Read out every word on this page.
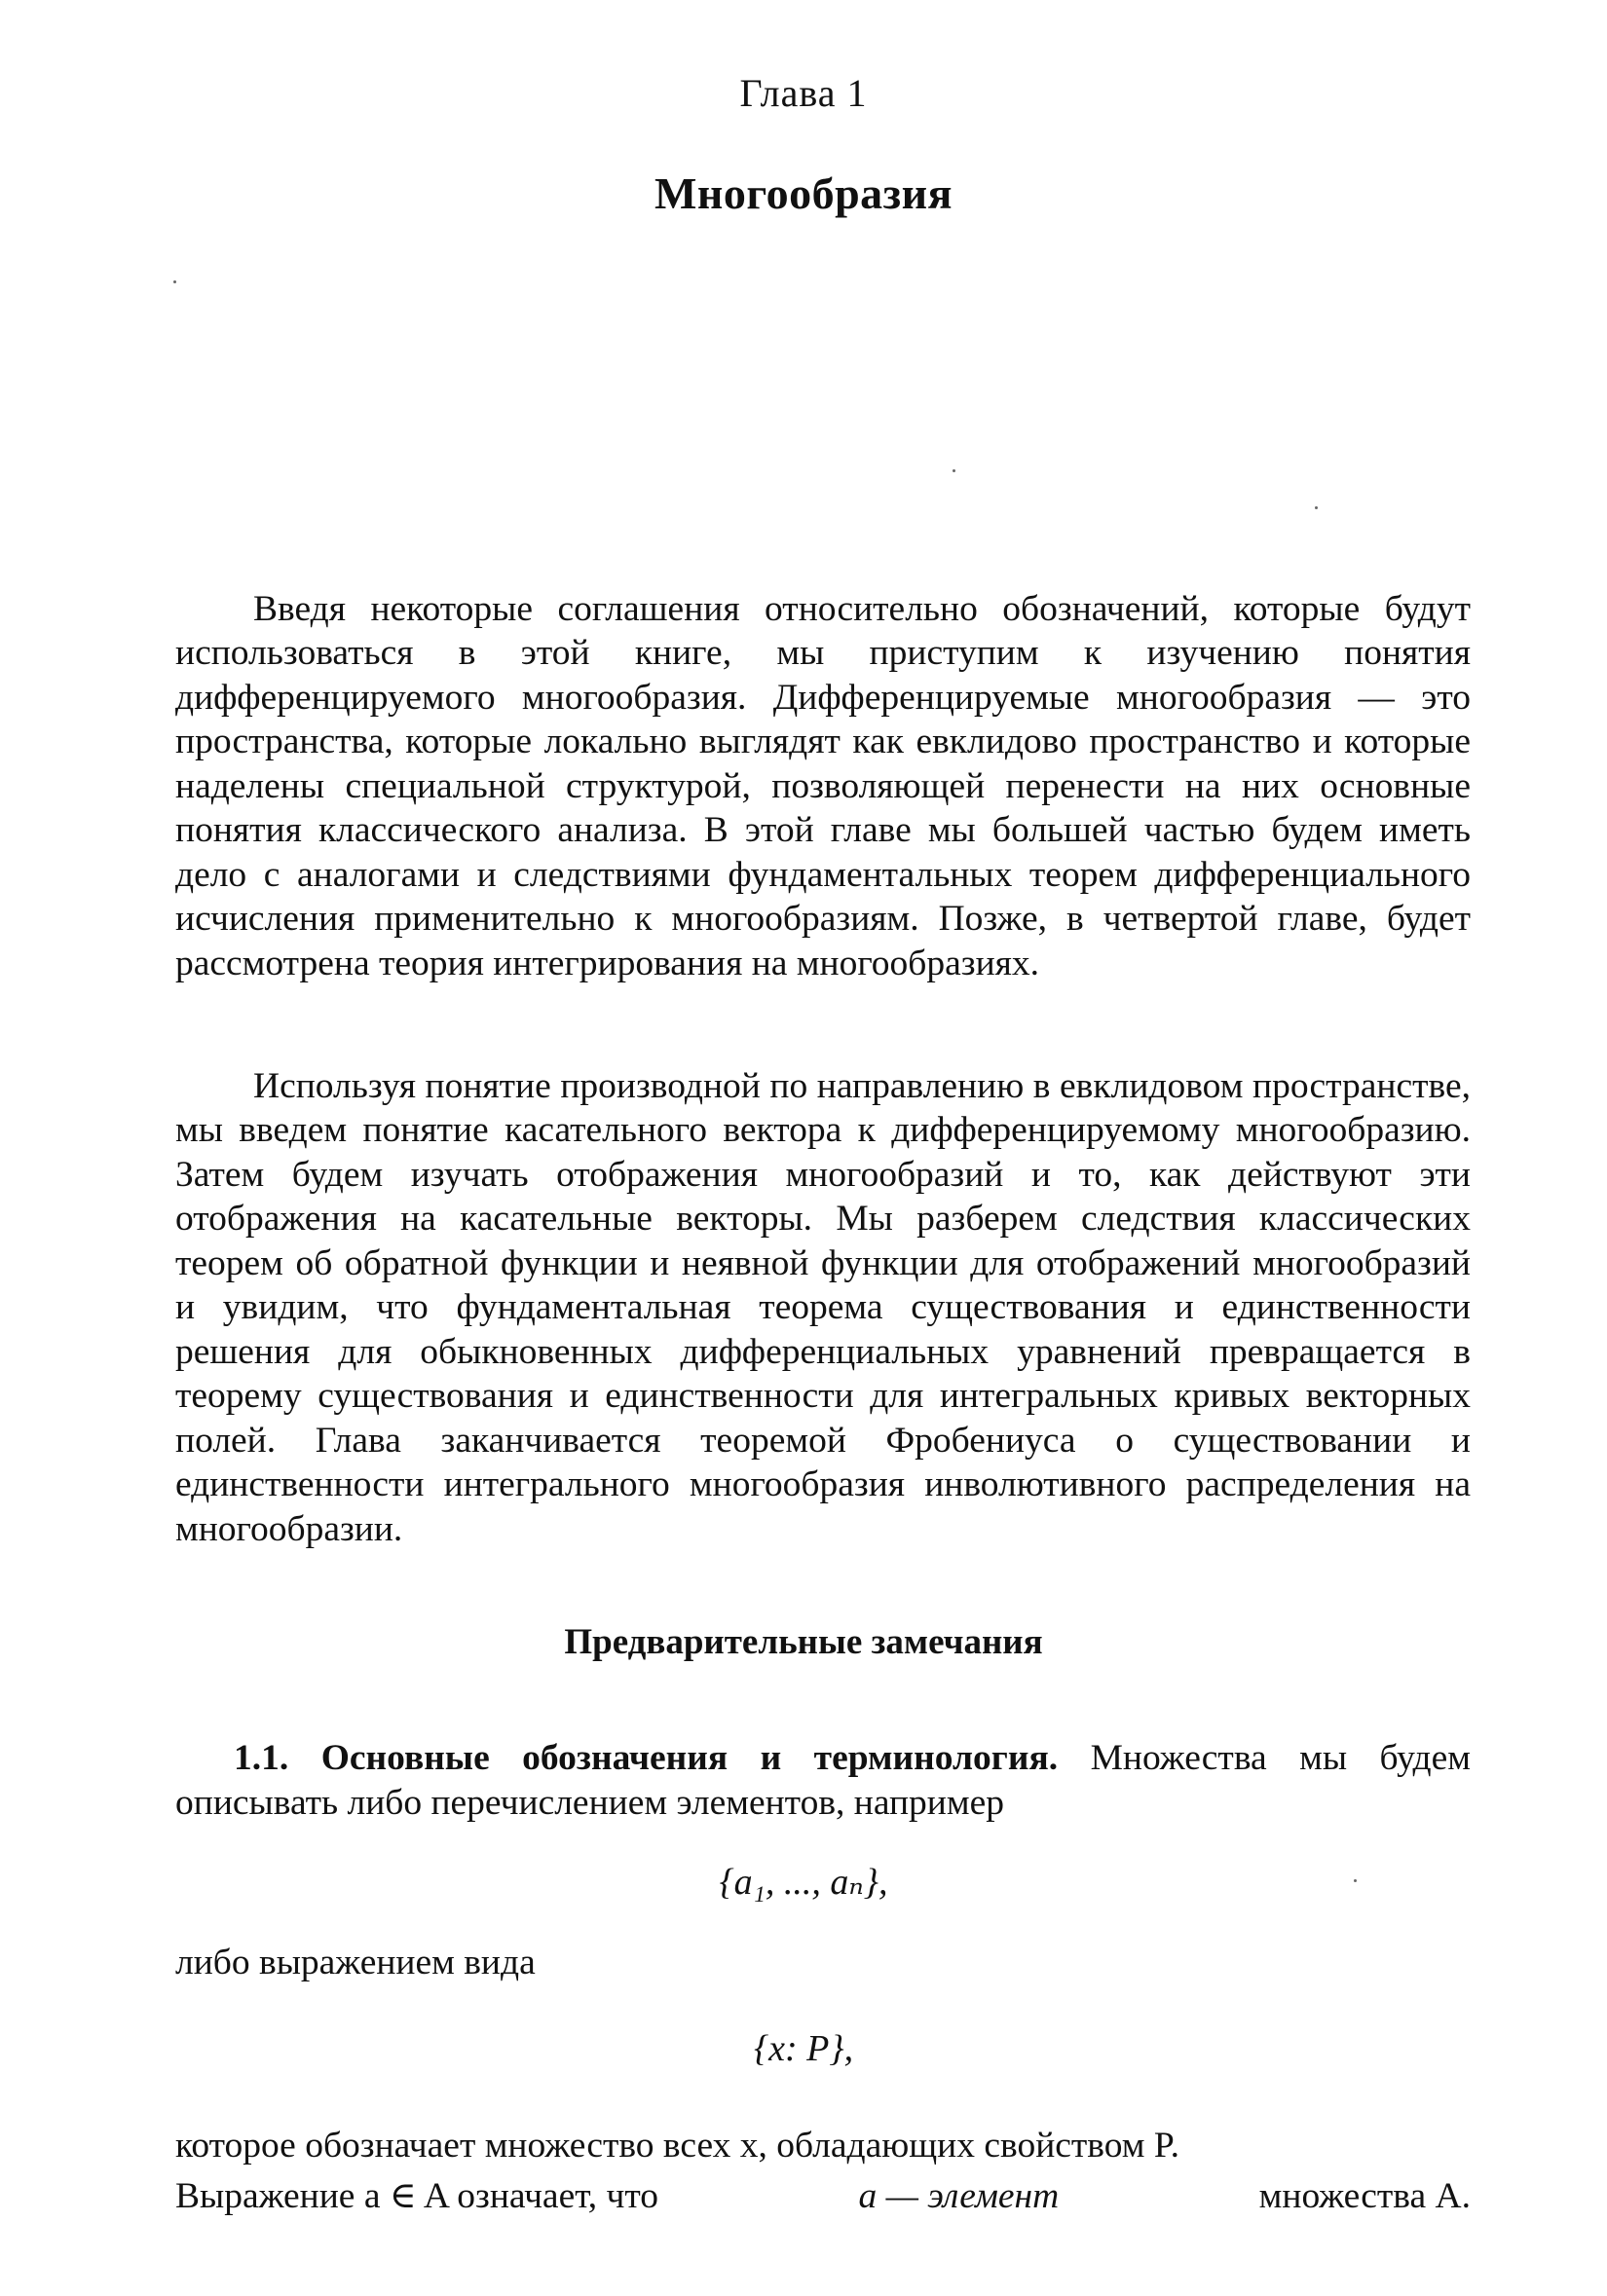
Глава 1
Многообразия

Введя некоторые соглашения относительно обозначений, которые будут использоваться в этой книге, мы приступим к изучению понятия дифференцируемого многообразия. Дифференцируемые многообразия — это пространства, которые локально выглядят как евклидово пространство и которые наделены специальной структурой, позволяющей перенести на них основные понятия классического анализа. В этой главе мы большей частью будем иметь дело с аналогами и следствиями фундаментальных теорем дифференциального исчисления применительно к многообразиям. Позже, в четвертой главе, будет рассмотрена теория интегрирования на многообразиях.

Используя понятие производной по направлению в евклидовом пространстве, мы введем понятие касательного вектора к дифференцируемому многообразию. Затем будем изучать отображения многообразий и то, как действуют эти отображения на касательные векторы. Мы разберем следствия классических теорем об обратной функции и неявной функции для отображений многообразий и увидим, что фундаментальная теорема существования и единственности решения для обыкновенных дифференциальных уравнений превращается в теорему существования и единственности для интегральных кривых векторных полей. Глава заканчивается теоремой Фробениуса о существовании и единственности интегрального многообразия инволютивного распределения на многообразии.

Предварительные замечания

1.1. Основные обозначения и терминология. Множества мы будем описывать либо перечислением элементов, например

{a₁, ..., aₙ},
либо выражением вида
{x: P},
которое обозначает множество всех x, обладающих свойством P.
Выражение a ∈ A означает, что	a — элемент	множества A.
